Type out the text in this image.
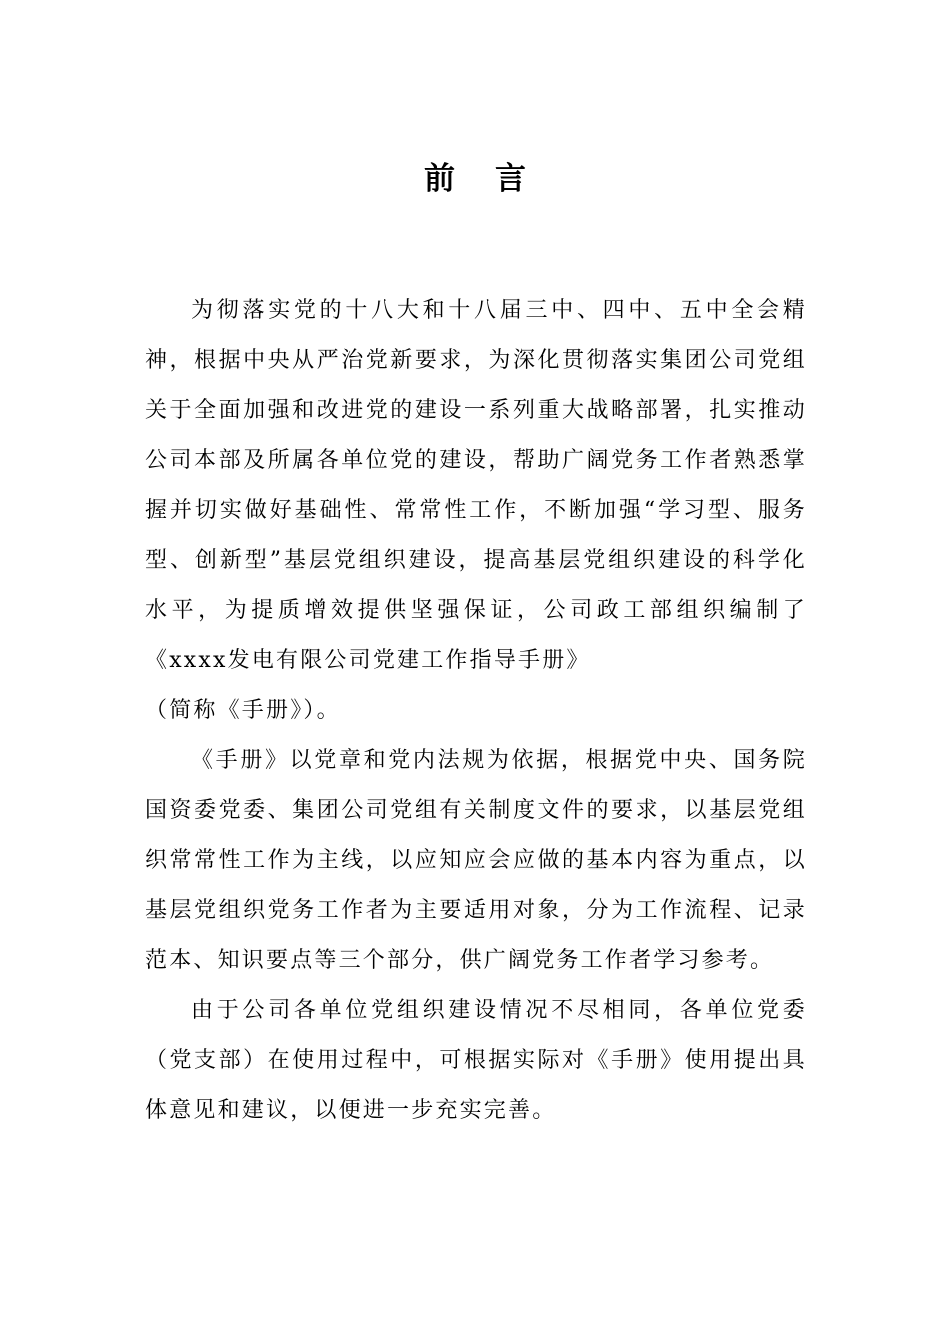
前言

为彻落实党的十八大和十八届三中、四中、五中全会精神，根据中央从严治党新要求，为深化贯彻落实集团公司党组关于全面加强和改进党的建设一系列重大战略部署，扎实推动公司本部及所属各单位党的建设，帮助广阔党务工作者熟悉掌握并切实做好基础性、常常性工作，不断加强“学习型、服务型、创新型”基层党组织建设，提高基层党组织建设的科学化水平，为提质增效提供坚强保证，公司政工部组织编制了《xxxx发电有限公司党建工作指导手册》

（简称《手册》）。

《手册》以党章和党内法规为依据，根据党中央、国务院国资委党委、集团公司党组有关制度文件的要求，以基层党组织常常性工作为主线，以应知应会应做的基本内容为重点，以基层党组织党务工作者为主要适用对象，分为工作流程、记录范本、知识要点等三个部分，供广阔党务工作者学习参考。

由于公司各单位党组织建设情况不尽相同，各单位党委（党支部）在使用过程中，可根据实际对《手册》使用提出具体意见和建议，以便进一步充实完善。
